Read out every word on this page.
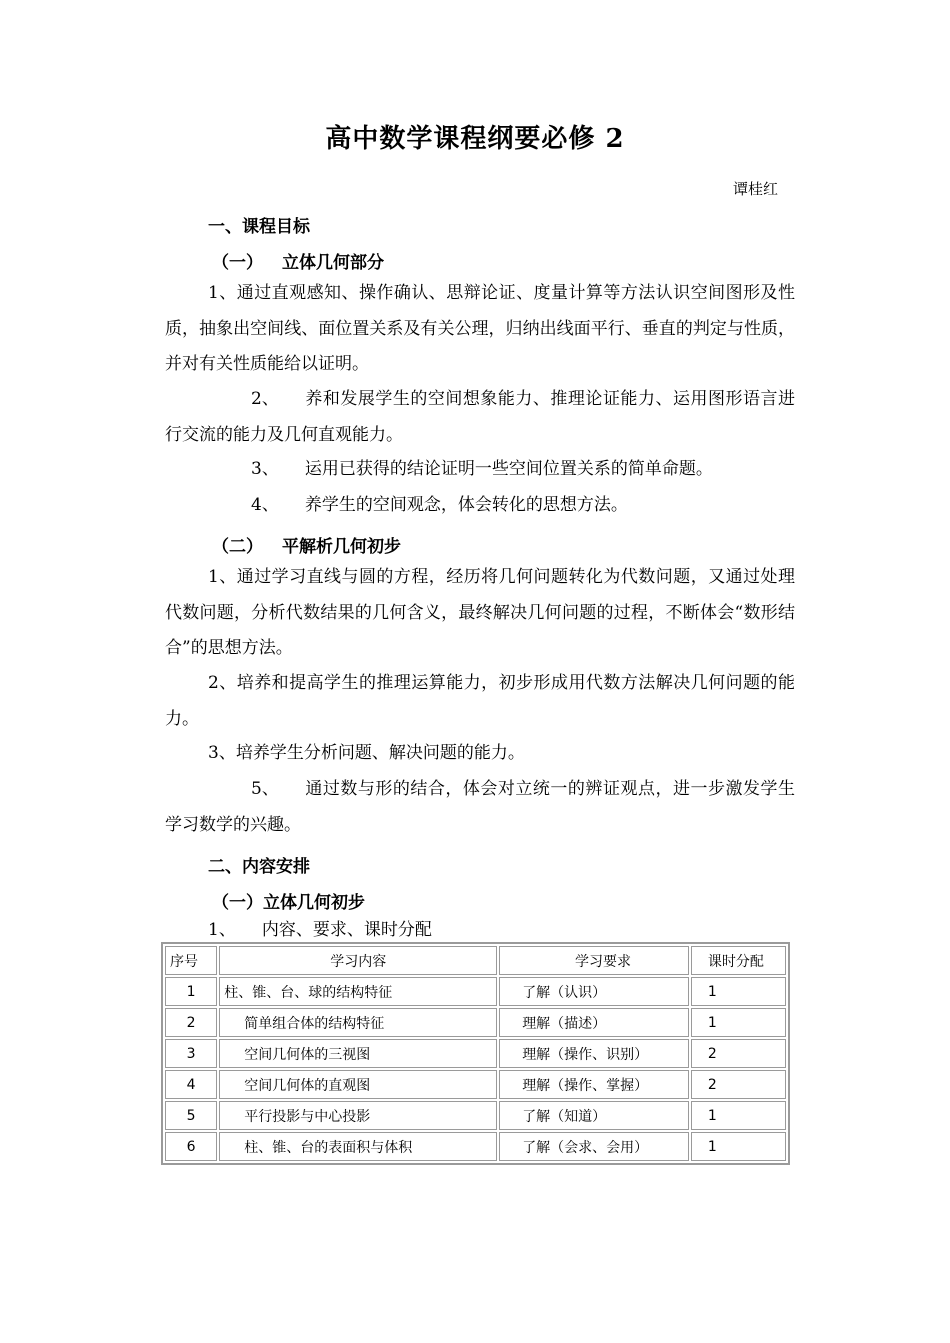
高中数学课程纲要必修 2
谭桂红
一、课程目标
（一） 立体几何部分
1、通过直观感知、操作确认、思辩论证、度量计算等方法认识空间图形及性质，抽象出空间线、面位置关系及有关公理，归纳出线面平行、垂直的判定与性质，并对有关性质能给以证明。
2、 养和发展学生的空间想象能力、推理论证能力、运用图形语言进行交流的能力及几何直观能力。
3、 运用已获得的结论证明一些空间位置关系的简单命题。
4、 养学生的空间观念，体会转化的思想方法。
（二） 平解析几何初步
1、通过学习直线与圆的方程，经历将几何问题转化为代数问题，又通过处理代数问题，分析代数结果的几何含义，最终解决几何问题的过程，不断体会“数形结合”的思想方法。
2、培养和提高学生的推理运算能力，初步形成用代数方法解决几何问题的能力。
3、培养学生分析问题、解决问题的能力。
5、 通过数与形的结合，体会对立统一的辨证观点，进一步激发学生学习数学的兴趣。
二、内容安排
（一）立体几何初步
1、 内容、要求、课时分配
序号	学习内容	学习要求	课时分配
1	柱、锥、台、球的结构特征	了解（认识）	1
2	简单组合体的结构特征	理解（描述）	1
3	空间几何体的三视图	理解（操作、识别）	2
4	空间几何体的直观图	理解（操作、掌握）	2
5	平行投影与中心投影	了解（知道）	1
6	柱、锥、台的表面积与体积	了解（会求、会用）	1
